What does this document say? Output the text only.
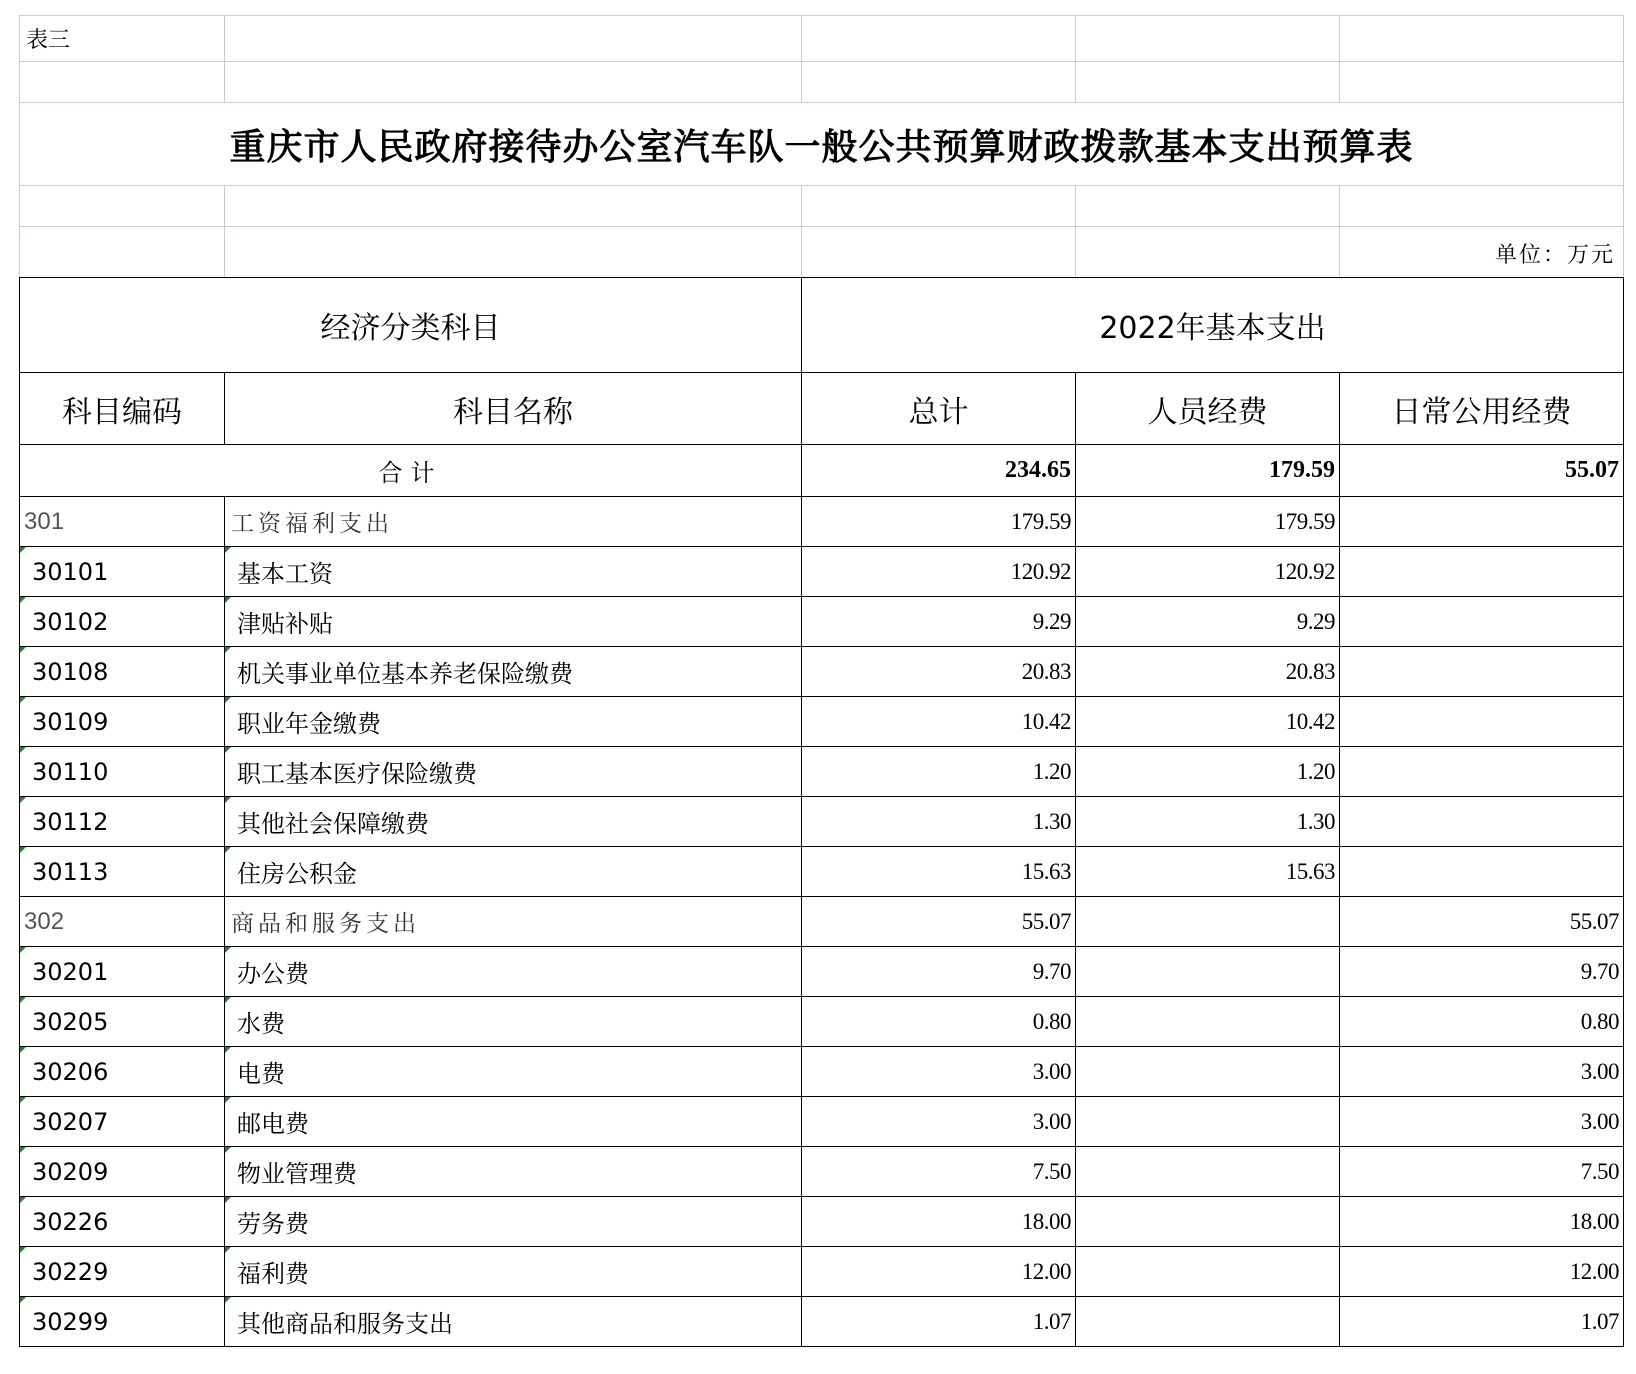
表三				

重庆市人民政府接待办公室汽车队一般公共预算财政拨款基本支出预算表				

				单位：万元
经济分类科目		2022年基本支出		
科目编码	科目名称	总计	人员经费	日常公用经费
合计		234.65	179.59	55.07
301	工资福利支出	179.59	179.59	
30101	基本工资	120.92	120.92	
30102	津贴补贴	9.29	9.29	
30108	机关事业单位基本养老保险缴费	20.83	20.83	
30109	职业年金缴费	10.42	10.42	
30110	职工基本医疗保险缴费	1.20	1.20	
30112	其他社会保障缴费	1.30	1.30	
30113	住房公积金	15.63	15.63	
302	商品和服务支出	55.07		55.07
30201	办公费	9.70		9.70
30205	水费	0.80		0.80
30206	电费	3.00		3.00
30207	邮电费	3.00		3.00
30209	物业管理费	7.50		7.50
30226	劳务费	18.00		18.00
30229	福利费	12.00		12.00
30299	其他商品和服务支出	1.07		1.07
